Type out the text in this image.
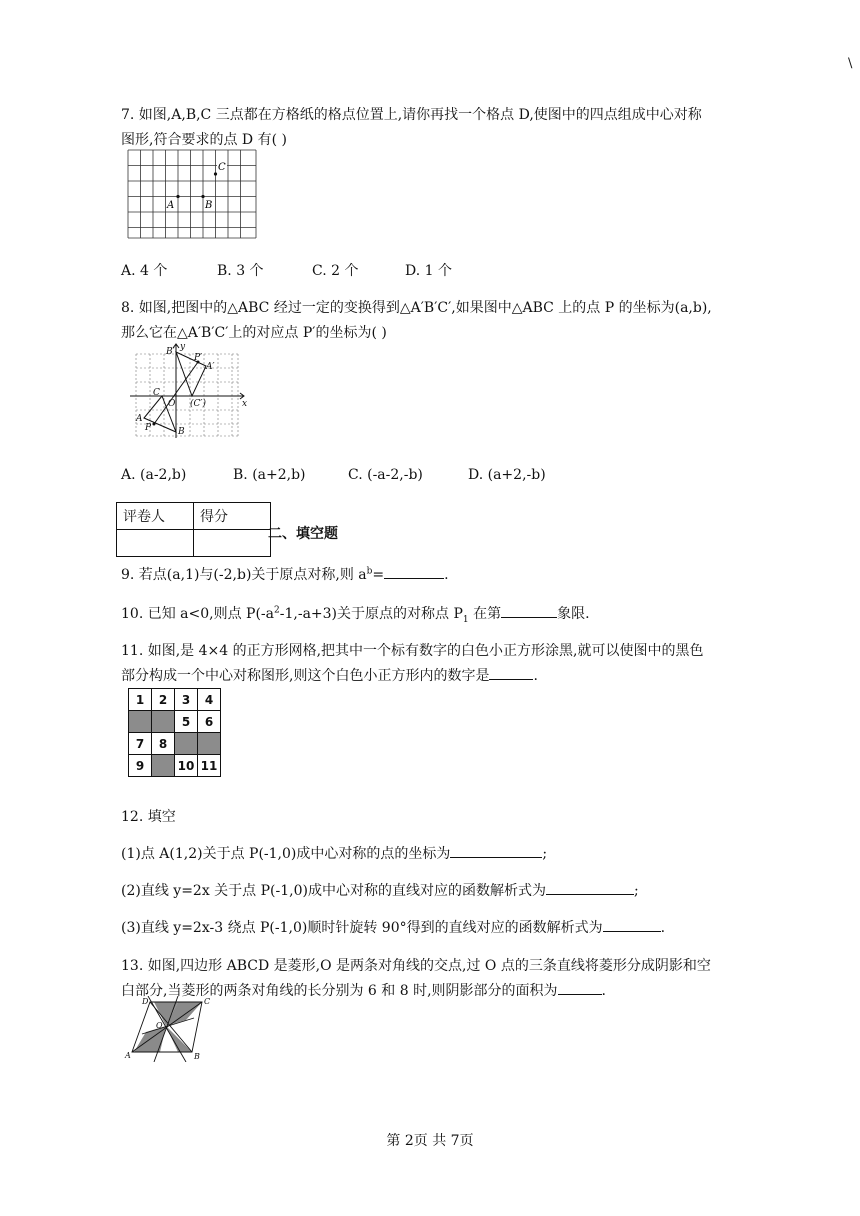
\
7. 如图,A,B,C 三点都在方格纸的格点位置上,请你再找一个格点 D,使图中的四点组成中心对称
图形,符合要求的点 D 有( )
A	B
C
A. 4 个	B. 3 个	C. 2 个	D. 1 个
8. 如图,把图中的△ABC 经过一定的变换得到△A′B′C′,如果图中△ABC 上的点 P 的坐标为(a,b),
那么它在△A′B′C′上的对应点 P′的坐标为( )
y
x
O
A
B
C
P
A′
B′
(C′)
P′
A. (a-2,b)	B. (a+2,b)	C. (-a-2,-b)	D. (a+2,-b)
评卷人	得分

二、填空题
9. 若点(a,1)与(-2,b)关于原点对称,则 $a^b=$	.
10. 已知 a<0,则点 $P(-a^2-1,-a+3)$关于原点的对称点 $P_1$ 在第	象限.
11. 如图,是 4×4 的正方形网格,把其中一个标有数字的白色小正方形涂黑,就可以使图中的黑色
部分构成一个中心对称图形,则这个白色小正方形内的数字是	.
1	2	3	4
		5	6
7	8		
9		10	11
12. 填空
(1)点 A(1,2)关于点 P(-1,0)成中心对称的点的坐标为	;
(2)直线 y=2x 关于点 P(-1,0)成中心对称的直线对应的函数解析式为	;
(3)直线 y=2x-3 绕点 P(-1,0)顺时针旋转 90°得到的直线对应的函数解析式为	.
13. 如图,四边形 ABCD 是菱形,O 是两条对角线的交点,过 O 点的三条直线将菱形分成阴影和空
白部分,当菱形的两条对角线的长分别为 6 和 8 时,则阴影部分的面积为	.
A	B
C
D
O
第 2页 共 7页
